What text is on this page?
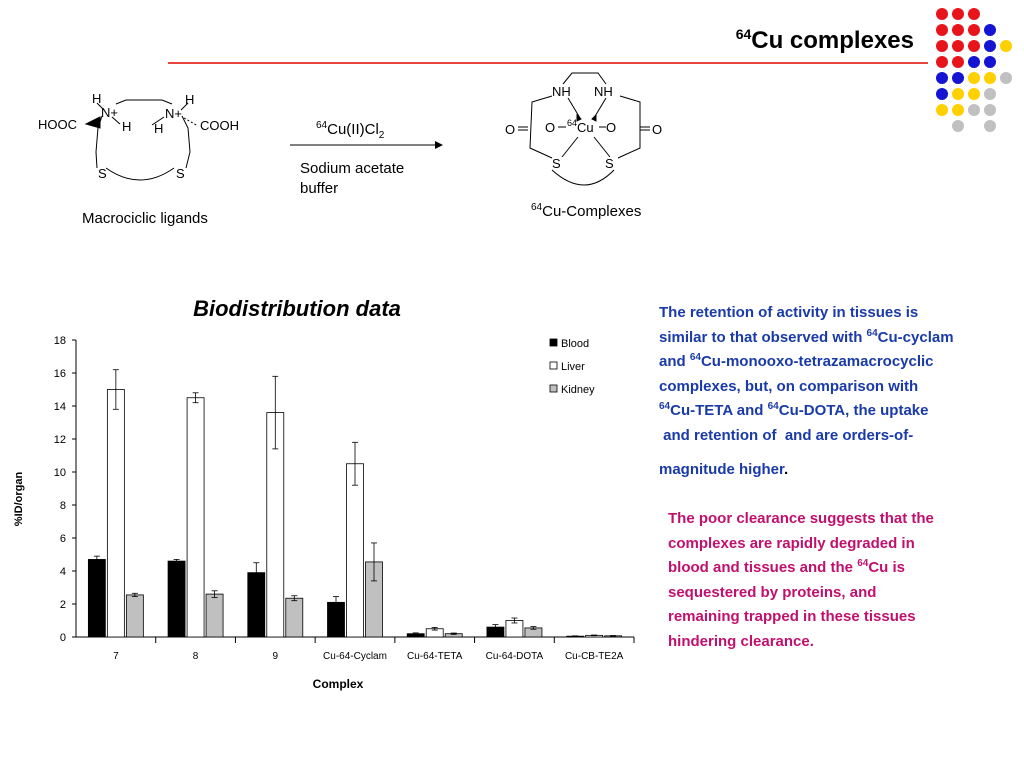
$^{64}$Cu complexes
HOOC	COOH
N+	N+
H
H
H
H
S	S
Macrociclic ligands
$^{64}Cu(II)Cl_2$
Sodium acetate
buffer
NH NH
O	O
O	O
$^{64}$Cu
S	S
$^{64}$Cu-Complexes
Biodistribution data
%ID/organ
Complex
0
2
4
6
8
10
12
14
16
18
7	8	9	Cu-64-Cyclam Cu-64-TETA Cu-64-DOTA Cu-CB-TE2A
Blood
Liver
Kidney
The retention of activity in tissues is
similar to that observed with $^{64}$Cu-cyclam
and $^{64}$Cu-monooxo-tetrazamacrocyclic
complexes, but, on comparison with
$^{64}$Cu-TETA and $^{64}$Cu-DOTA, the uptake
and retention of  and are orders-of-
magnitude higher.
The poor clearance suggests that the
complexes are rapidly degraded in
blood and tissues and the $^{64}$Cu is
sequestered by proteins, and
remaining trapped in these tissues
hindering clearance.
